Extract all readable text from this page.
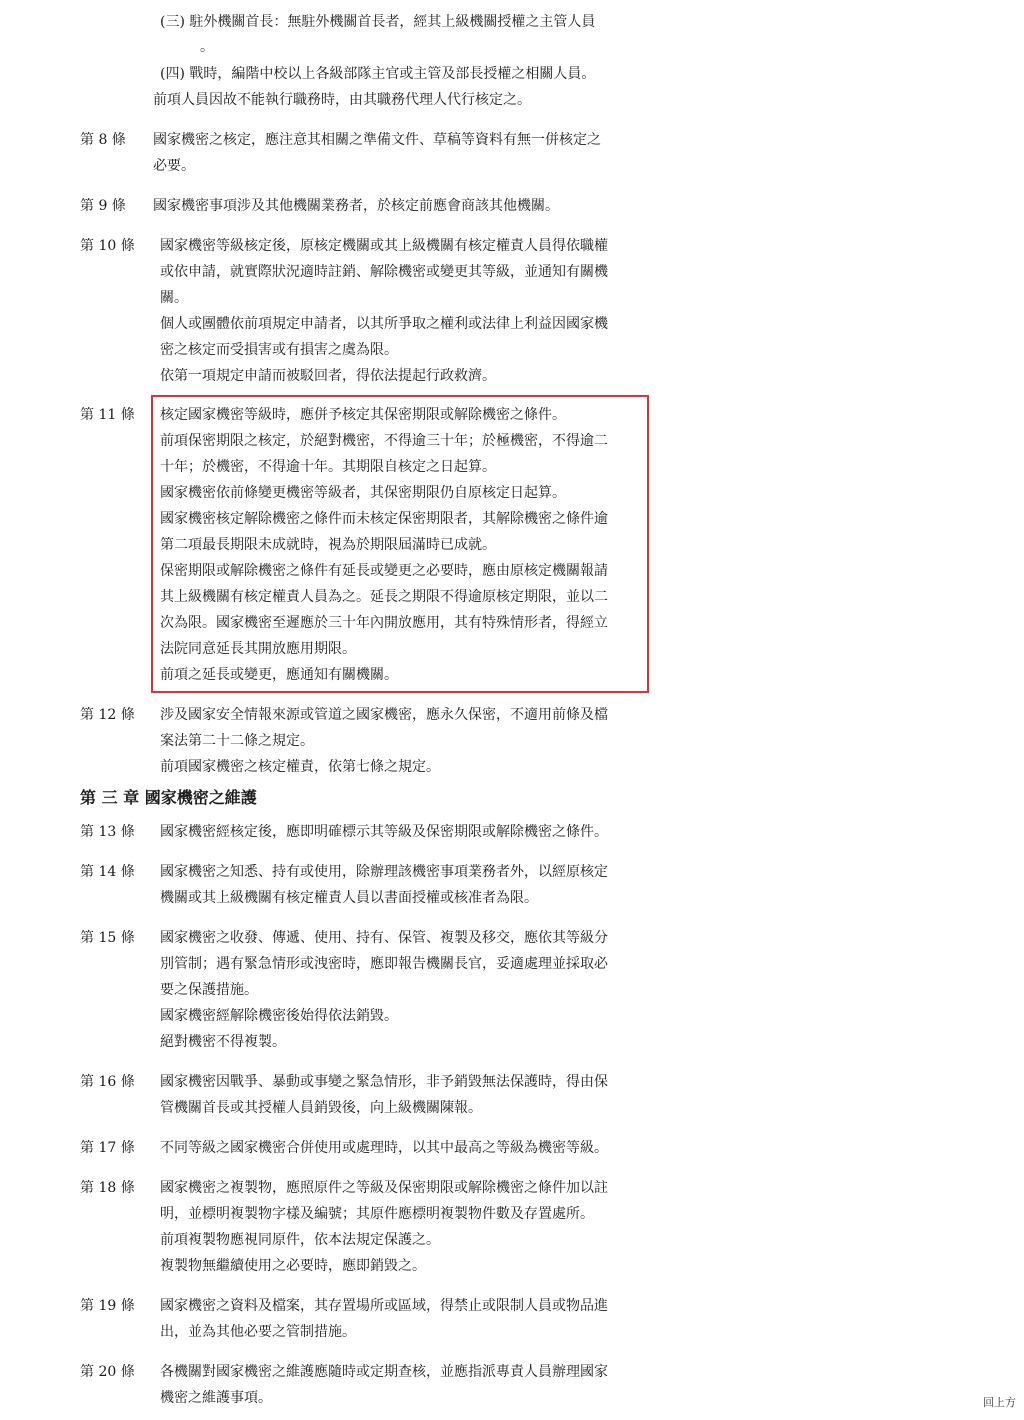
(三) 駐外機關首長：無駐外機關首長者，經其上級機關授權之主管人員
。
(四) 戰時，編階中校以上各級部隊主官或主管及部長授權之相關人員。
前項人員因故不能執行職務時，由其職務代理人代行核定之。
第 8 條 國家機密之核定，應注意其相關之準備文件、草稿等資料有無一併核定之
必要。
第 9 條 國家機密事項涉及其他機關業務者，於核定前應會商該其他機關。
第 10 條 國家機密等級核定後，原核定機關或其上級機關有核定權責人員得依職權
或依申請，就實際狀況適時註銷、解除機密或變更其等級，並通知有關機
關。
個人或團體依前項規定申請者，以其所爭取之權利或法律上利益因國家機
密之核定而受損害或有損害之虞為限。
依第一項規定申請而被駁回者，得依法提起行政救濟。
第 11 條 核定國家機密等級時，應併予核定其保密期限或解除機密之條件。
前項保密期限之核定，於絕對機密，不得逾三十年；於極機密，不得逾二
十年；於機密，不得逾十年。其期限自核定之日起算。
國家機密依前條變更機密等級者，其保密期限仍自原核定日起算。
國家機密核定解除機密之條件而未核定保密期限者，其解除機密之條件逾
第二項最長期限未成就時，視為於期限屆滿時已成就。
保密期限或解除機密之條件有延長或變更之必要時，應由原核定機關報請
其上級機關有核定權責人員為之。延長之期限不得逾原核定期限，並以二
次為限。國家機密至遲應於三十年內開放應用，其有特殊情形者，得經立
法院同意延長其開放應用期限。
前項之延長或變更，應通知有關機關。
第 12 條 涉及國家安全情報來源或管道之國家機密，應永久保密，不適用前條及檔
案法第二十二條之規定。
前項國家機密之核定權責，依第七條之規定。
第 三 章 國家機密之維護
第 13 條 國家機密經核定後，應即明確標示其等級及保密期限或解除機密之條件。
第 14 條 國家機密之知悉、持有或使用，除辦理該機密事項業務者外，以經原核定
機關或其上級機關有核定權責人員以書面授權或核准者為限。
第 15 條 國家機密之收發、傳遞、使用、持有、保管、複製及移交，應依其等級分
別管制；遇有緊急情形或洩密時，應即報告機關長官，妥適處理並採取必
要之保護措施。
國家機密經解除機密後始得依法銷毀。
絕對機密不得複製。
第 16 條 國家機密因戰爭、暴動或事變之緊急情形，非予銷毀無法保護時，得由保
管機關首長或其授權人員銷毀後，向上級機關陳報。
第 17 條 不同等級之國家機密合併使用或處理時，以其中最高之等級為機密等級。
第 18 條 國家機密之複製物，應照原件之等級及保密期限或解除機密之條件加以註
明，並標明複製物字樣及編號；其原件應標明複製物件數及存置處所。
前項複製物應視同原件，依本法規定保護之。
複製物無繼續使用之必要時，應即銷毀之。
第 19 條 國家機密之資料及檔案，其存置場所或區域，得禁止或限制人員或物品進
出，並為其他必要之管制措施。
第 20 條 各機關對國家機密之維護應隨時或定期查核，並應指派專責人員辦理國家
機密之維護事項。	回上方
